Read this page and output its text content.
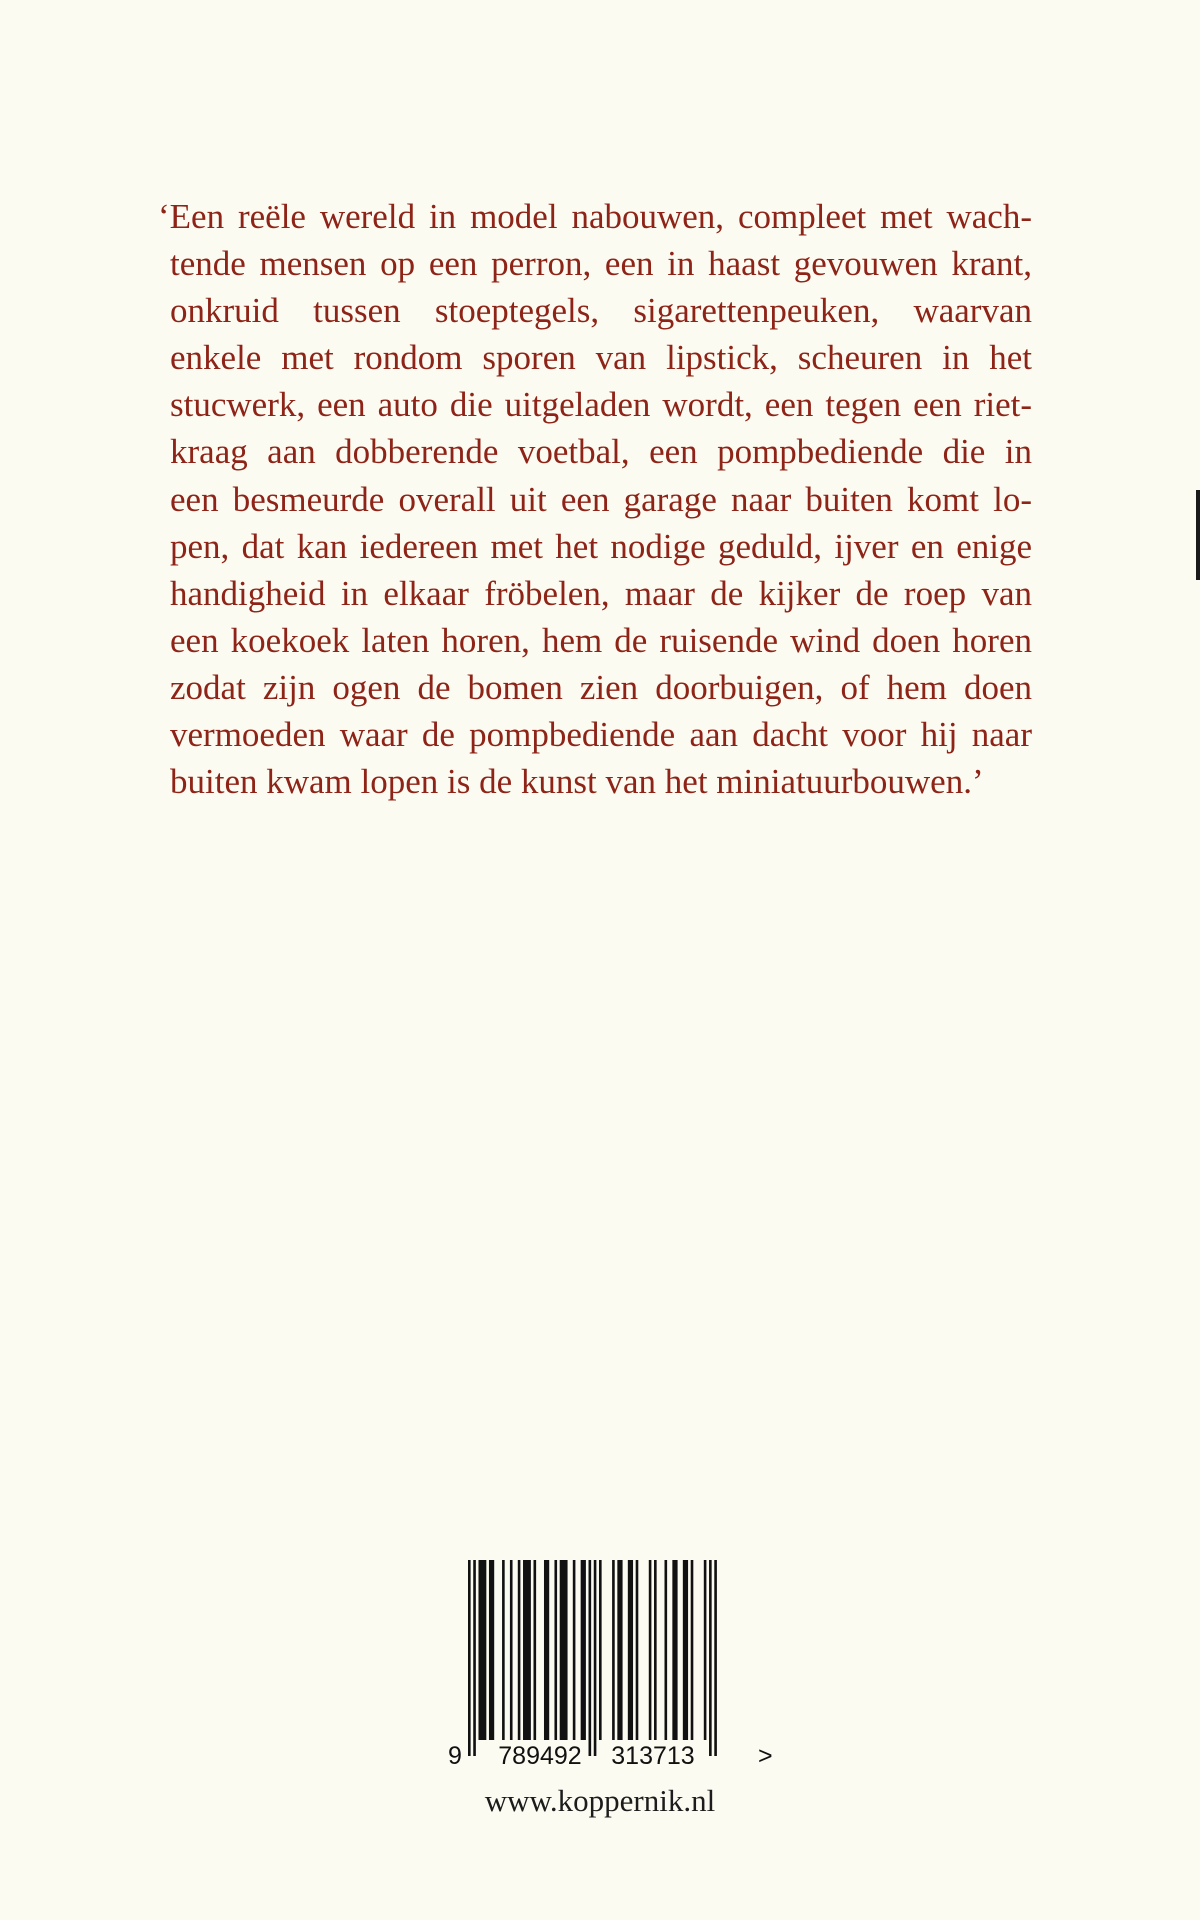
‘Een reële wereld in model nabouwen, compleet met wach-
tende mensen op een perron, een in haast gevouwen krant,
onkruid tussen stoeptegels, sigarettenpeuken, waarvan
enkele met rondom sporen van lipstick, scheuren in het
stucwerk, een auto die uitgeladen wordt, een tegen een riet-
kraag aan dobberende voetbal, een pompbediende die in
een besmeurde overall uit een garage naar buiten komt lo-
pen, dat kan iedereen met het nodige geduld, ijver en enige
handigheid in elkaar fröbelen, maar de kijker de roep van
een koekoek laten horen, hem de ruisende wind doen horen
zodat zijn ogen de bomen zien doorbuigen, of hem doen
vermoeden waar de pompbediende aan dacht voor hij naar
buiten kwam lopen is de kunst van het miniatuurbouwen.’
9 789492 313713	>
www.koppernik.nl
